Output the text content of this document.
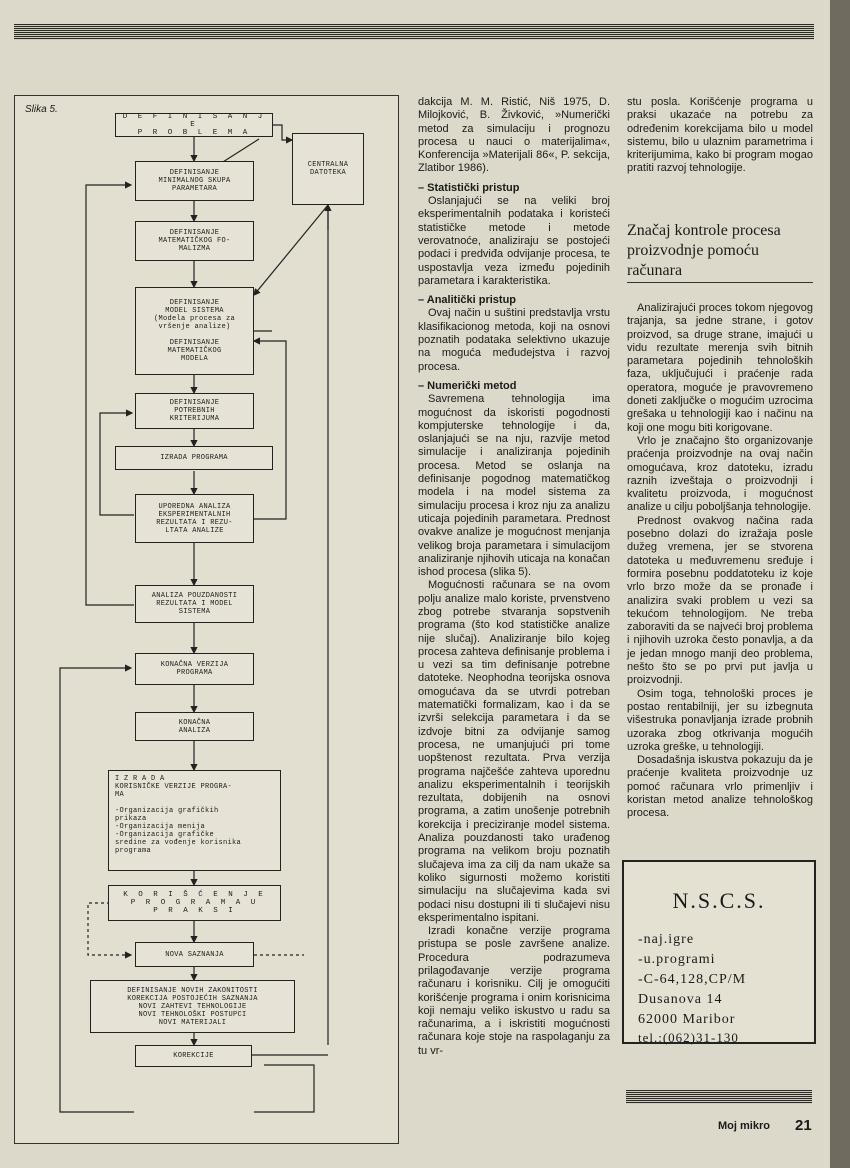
Slika 5.
D E F I N I S A N J E
P R O B L E M A
CENTRALNA
DATOTEKA
DEFINISANJE
MINIMALNOG SKUPA
PARAMETARA
DEFINISANJE
MATEMATIČKOG FO-
MALIZMA
DEFINISANJE
MODEL SISTEMA
(Modela procesa za
vršenje analize)

DEFINISANJE
MATEMATIČKOG
MODELA
DEFINISANJE
POTREBNIH
KRITERIJUMA
IZRADA PROGRAMA
UPOREDNA ANALIZA
EKSPERIMENTALNIH
REZULTATA I REZU-
LTATA ANALIZE
ANALIZA POUZDANOSTI
REZULTATA I MODEL
SISTEMA
KONAČNA VERZIJA
PROGRAMA
KONAČNA
ANALIZA
I Z R A D A
KORISNIČKE VERZIJE PROGRA-
MA

-Organizacija grafičkih
prikaza
-Organizacija menija
-Organizacija grafičke
sredine za vođenje korisnika
programa
K O R I Š Ć E N J E
P R O G R A M A U
P R A K S I
NOVA SAZNANJA
DEFINISANJE NOVIH ZAKONITOSTI
KOREKCIJA POSTOJEĆIH SAZNANJA
NOVI ZAHTEVI TEHNOLOGIJE
NOVI TEHNOLOŠKI POSTUPCI
NOVI MATERIJALI
KOREKCIJE

dakcija M. M. Ristić, Niš 1975, D. Milojković, B. Živković, »Numerički metod za simulaciju i prognozu procesa u nauci o materijalima«, Konferencija »Materijali 86«, P. sekcija, Zlatibor 1986).

– Statistički pristup

Oslanjajući se na veliki broj eksperimentalnih podataka i koristeći statističke metode i metode verovatnoće, analiziraju se postojeći podaci i predviđa odvijanje procesa, te uspostavlja veza između pojedinih parametara i karakteristika.

– Analitički pristup

Ovaj način u suštini predstavlja vrstu klasifikacionog metoda, koji na osnovi poznatih podataka selektivno ukazuje na moguća međudejstva i razvoj procesa.

– Numerički metod

Savremena tehnologija ima mogućnost da iskoristi pogodnosti kompjuterske tehnologije i da, oslanjajući se na nju, razvije metod simulacije i analiziranja pojedinih procesa. Metod se oslanja na definisanje pogodnog matematičkog modela i na model sistema za simulaciju procesa i kroz nju za analizu uticaja pojedinih parametara. Prednost ovakve analize je mogućnost menjanja velikog broja parametara i simulacijom analiziranje njihovih uticaja na konačan ishod procesa (slika 5).

Mogućnosti računara se na ovom polju analize malo koriste, prvenstveno zbog potrebe stvaranja sopstvenih programa (što kod statističke analize nije slučaj). Analiziranje bilo kojeg procesa zahteva definisanje problema i u vezi sa tim definisanje potrebne datoteke. Neophodna teorijska osnova omogućava da se utvrdi potreban matematički formalizam, kao i da se izvrši selekcija parametara i da se izdvoje bitni za odvijanje samog procesa, ne umanjujući pri tome uopštenost rezultata. Prva verzija programa najčešće zahteva uporednu analizu eksperimentalnih i teorijskih rezultata, dobijenih na osnovi programa, a zatim unošenje potrebnih korekcija i preciziranje model sistema. Analiza pouzdanosti tako urađenog programa na velikom broju poznatih slučajeva ima za cilj da nam ukaže sa koliko sigurnosti možemo koristiti simulaciju na slučajevima kada svi podaci nisu dostupni ili ti slučajevi nisu eksperimentalno ispitani.

Izradi konačne verzije programa pristupa se posle završene analize. Procedura podrazumeva prilagođavanje verzije programa računaru i korisniku. Cilj je omogućiti korišćenje programa i onim korisnicima koji nemaju veliko iskustvo u radu sa računarima, a i iskristiti mogućnosti računara koje stoje na raspolaganju za tu vr-

stu posla. Korišćenje programa u praksi ukazaće na potrebu za određenim korekcijama bilo u model sistemu, bilo u ulaznim parametrima i kriterijumima, kako bi program mogao pratiti razvoj tehnologije.

Značaj kontrole procesa proizvodnje pomoću računara

Analizirajući proces tokom njegovog trajanja, sa jedne strane, i gotov proizvod, sa druge strane, imajući u vidu rezultate merenja svih bitnih parametara pojedinih tehnoloških faza, uključujući i praćenje rada operatora, moguće je pravovremeno doneti zaključke o mogućim uzrocima grešaka u tehnologiji kao i načinu na koji one mogu biti korigovane.

Vrlo je značajno što organizovanje praćenja proizvodnje na ovaj način omogućava, kroz datoteku, izradu raznih izveštaja o proizvodnji i kvalitetu proizvoda, i mogućnost analize u cilju poboljšanja tehnologije.

Prednost ovakvog načina rada posebno dolazi do izražaja posle dužeg vremena, jer se stvorena datoteka u međuvremenu sređuje i formira posebnu poddatoteku iz koje vrlo brzo može da se pronađe i analizira svaki problem u vezi sa tekućom tehnologijom. Ne treba zaboraviti da se najveći broj problema i njihovih uzroka često ponavlja, a da je jedan mnogo manji deo problema, nešto što se po prvi put javlja u proizvodnji.

Osim toga, tehnološki proces je postao rentabilniji, jer su izbegnuta višestruka ponavljanja izrade probnih uzoraka zbog otkrivanja mogućih uzroka greške, u tehnologiji.

Dosadašnja iskustva pokazuju da je praćenje kvaliteta proizvodnje uz pomoć računara vrlo primenljiv i koristan metod analize tehnološkog procesa.

N.S.C.S.
-naj.igre
-u.programi
-C-64,128,CP/M
Dusanova 14
62000 Maribor
tel.:(062)31-130
Moj mikro 21
